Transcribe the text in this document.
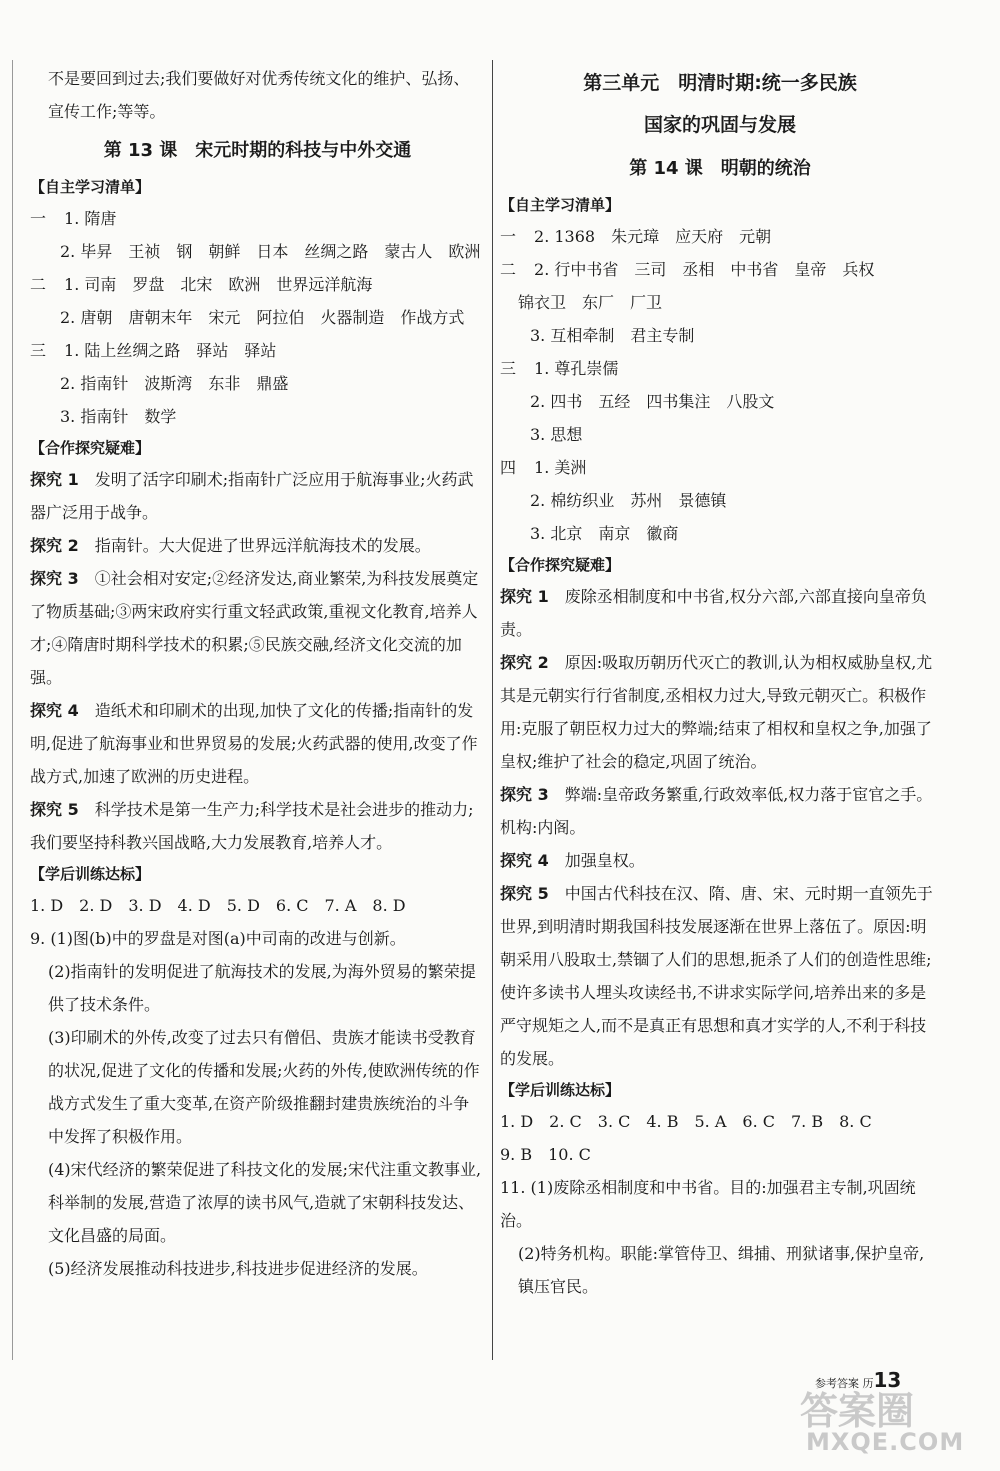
不是要回到过去;我们要做好对优秀传统文化的维护、弘扬、宣传工作;等等。

第 13 课　宋元时期的科技与中外交通
【自主学习清单】

一 1. 隋唐

2. 毕昇　王祯　钢　朝鲜　日本　丝绸之路　蒙古人　欧洲

二 1. 司南　罗盘　北宋　欧洲　世界远洋航海

2. 唐朝　唐朝末年　宋元　阿拉伯　火器制造　作战方式

三 1. 陆上丝绸之路　驿站　驿站

2. 指南针　波斯湾　东非　鼎盛

3. 指南针　数学

【合作探究疑难】

探究 1　 发明了活字印刷术;指南针广泛应用于航海事业;火药武器广泛用于战争。

探究 2　 指南针。大大促进了世界远洋航海技术的发展。

探究 3　 ①社会相对安定;②经济发达,商业繁荣,为科技发展奠定了物质基础;③两宋政府实行重文轻武政策,重视文化教育,培养人才;④隋唐时期科学技术的积累;⑤民族交融,经济文化交流的加强。

探究 4　 造纸术和印刷术的出现,加快了文化的传播;指南针的发明,促进了航海事业和世界贸易的发展;火药武器的使用,改变了作战方式,加速了欧洲的历史进程。

探究 5　 科学技术是第一生产力;科学技术是社会进步的推动力;我们要坚持科教兴国战略,大力发展教育,培养人才。

【学后训练达标】

1. D　2. D　3. D　4. D　5. D　6. C　7. A　8. D

9. (1)图(b)中的罗盘是对图(a)中司南的改进与创新。

(2)指南针的发明促进了航海技术的发展,为海外贸易的繁荣提供了技术条件。

(3)印刷术的外传,改变了过去只有僧侣、贵族才能读书受教育的状况,促进了文化的传播和发展;火药的外传,使欧洲传统的作战方式发生了重大变革,在资产阶级推翻封建贵族统治的斗争中发挥了积极作用。

(4)宋代经济的繁荣促进了科技文化的发展;宋代注重文教事业,科举制的发展,营造了浓厚的读书风气,造就了宋朝科技发达、文化昌盛的局面。

(5)经济发展推动科技进步,科技进步促进经济的发展。

第三单元　明清时期:统一多民族
国家的巩固与发展
第 14 课　明朝的统治
【自主学习清单】

一 2. 1368　朱元璋　应天府　元朝

二 2. 行中书省　三司　丞相　中书省　皇帝　兵权

锦衣卫　东厂　厂卫

3. 互相牵制　君主专制

三 1. 尊孔崇儒

2. 四书　五经　四书集注　八股文

3. 思想

四 1. 美洲

2. 棉纺织业　苏州　景德镇

3. 北京　南京　徽商

【合作探究疑难】

探究 1　 废除丞相制度和中书省,权分六部,六部直接向皇帝负责。

探究 2　 原因:吸取历朝历代灭亡的教训,认为相权威胁皇权,尤其是元朝实行行省制度,丞相权力过大,导致元朝灭亡。积极作用:克服了朝臣权力过大的弊端;结束了相权和皇权之争,加强了皇权;维护了社会的稳定,巩固了统治。

探究 3　 弊端:皇帝政务繁重,行政效率低,权力落于宦官之手。机构:内阁。

探究 4　 加强皇权。

探究 5　 中国古代科技在汉、隋、唐、宋、元时期一直领先于世界,到明清时期我国科技发展逐渐在世界上落伍了。原因:明朝采用八股取士,禁锢了人们的思想,扼杀了人们的创造性思维;使许多读书人埋头攻读经书,不讲求实际学问,培养出来的多是严守规矩之人,而不是真正有思想和真才实学的人,不利于科技的发展。

【学后训练达标】

1. D　2. C　3. C　4. B　5. A　6. C　7. B　8. C

9. B　10. C

11. (1)废除丞相制度和中书省。目的:加强君主专制,巩固统治。

(2)特务机构。职能:掌管侍卫、缉捕、刑狱诸事,保护皇帝,镇压官民。

参考答案 历13
答案圈
MXQE.COM
